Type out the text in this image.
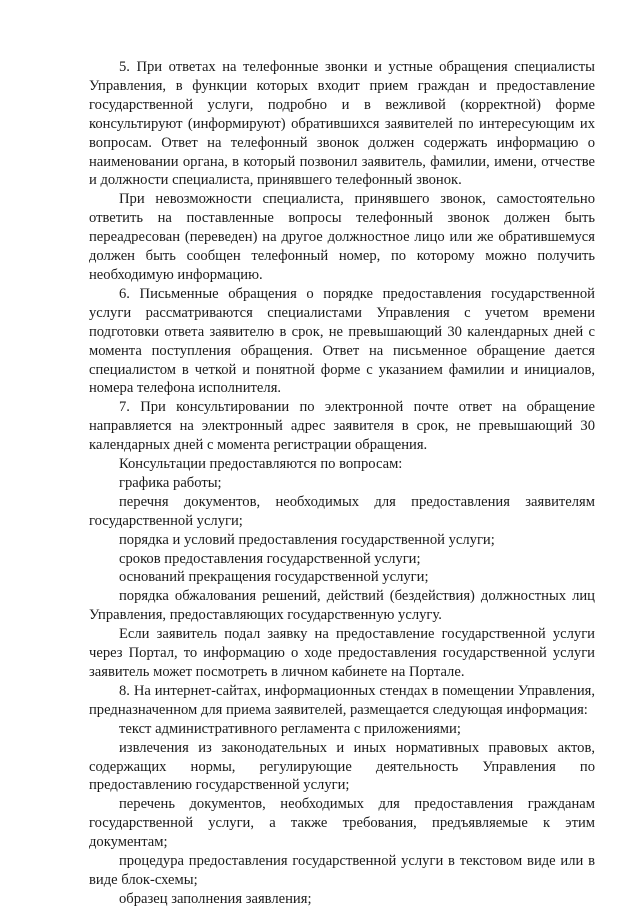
5. При ответах на телефонные звонки и устные обращения специалисты Управления, в функции которых входит прием граждан и предоставление государственной услуги, подробно и в вежливой (корректной) форме консультируют (информируют) обратившихся заявителей по интересующим их вопросам. Ответ на телефонный звонок должен содержать информацию о наименовании органа, в который позвонил заявитель, фамилии, имени, отчестве и должности специалиста, принявшего телефонный звонок.

При невозможности специалиста, принявшего звонок, самостоятельно ответить на поставленные вопросы телефонный звонок должен быть переадресован (переведен) на другое должностное лицо или же обратившемуся должен быть сообщен телефонный номер, по которому можно получить необходимую информацию.

6. Письменные обращения о порядке предоставления государственной услуги рассматриваются специалистами Управления с учетом времени подготовки ответа заявителю в срок, не превышающий 30 календарных дней с момента поступления обращения. Ответ на письменное обращение дается специалистом в четкой и понятной форме с указанием фамилии и инициалов, номера телефона исполнителя.

7. При консультировании по электронной почте ответ на обращение направляется на электронный адрес заявителя в срок, не превышающий 30 календарных дней с момента регистрации обращения.

Консультации предоставляются по вопросам:

графика работы;

перечня документов, необходимых для предоставления заявителям государственной услуги;

порядка и условий предоставления государственной услуги;

сроков предоставления государственной услуги;

оснований прекращения государственной услуги;

порядка обжалования решений, действий (бездействия) должностных лиц Управления, предоставляющих государственную услугу.

Если заявитель подал заявку на предоставление государственной услуги через Портал, то информацию о ходе предоставления государственной услуги заявитель может посмотреть в личном кабинете на Портале.

8. На интернет-сайтах, информационных стендах в помещении Управления, предназначенном для приема заявителей, размещается следующая информация:

текст административного регламента с приложениями;

извлечения из законодательных и иных нормативных правовых актов, содержащих нормы, регулирующие деятельность Управления по предоставлению государственной услуги;

перечень документов, необходимых для предоставления гражданам государственной услуги, а также требования, предъявляемые к этим документам;

процедура предоставления государственной услуги в текстовом виде или в виде блок-схемы;

образец заполнения заявления;
